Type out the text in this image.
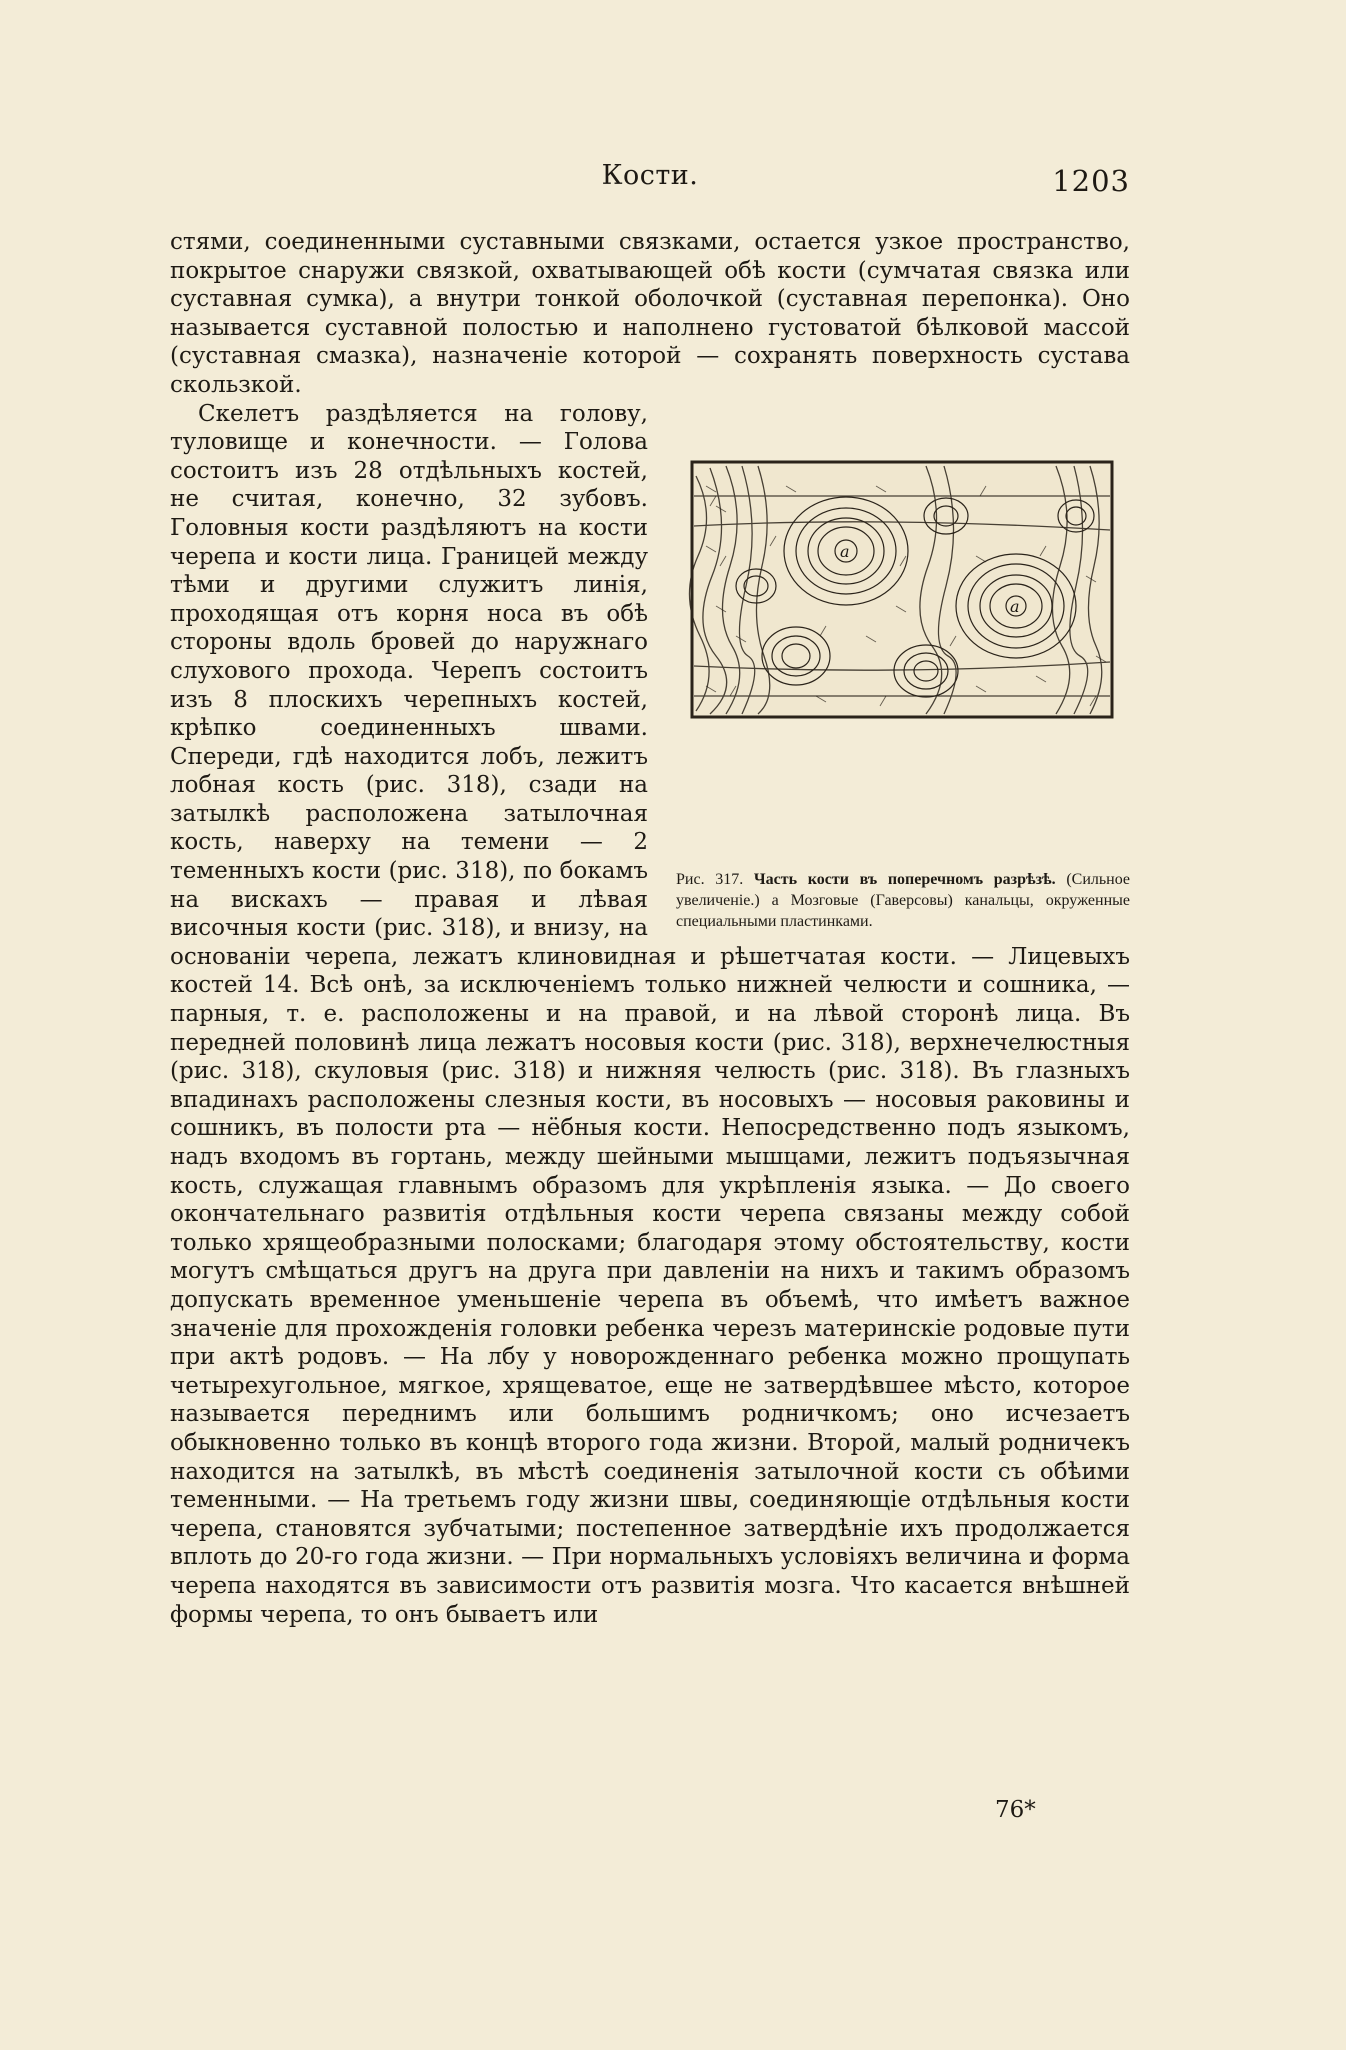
Кости.	1203

стями, соединенными суставными связками, остается узкое пространство, покрытое снаружи связкой, охватывающей обѣ кости (сумчатая связка или суставная сумка), а внутри тонкой оболочкой (суставная перепонка). Оно называется суставной полостью и наполнено густоватой бѣлковой массой (суставная смазка), назначеніе которой — сохранять поверхность сустава скользкой.

a
a
Рис. 317. Часть кости въ поперечномъ разрѣзѣ. (Сильное увеличеніе.) а Мозговые (Гаверсовы) канальцы, окруженные специальными пластинками.

Скелетъ раздѣляется на голову, туловище и конечности. — Голова состоитъ изъ 28 отдѣльныхъ костей, не считая, конечно, 32 зубовъ. Головныя кости раздѣляютъ на кости черепа и кости лица. Границей между тѣми и другими служитъ линія, проходящая отъ корня носа въ обѣ стороны вдоль бровей до наружнаго слухового прохода. Черепъ состоитъ изъ 8 плоскихъ черепныхъ костей, крѣпко соединенныхъ швами. Спереди, гдѣ находится лобъ, лежитъ лобная кость (рис. 318), сзади на затылкѣ расположена затылочная кость, наверху на темени — 2 теменныхъ кости (рис. 318), по бокамъ на вискахъ — правая и лѣвая височныя кости (рис. 318), и внизу, на основаніи черепа, лежатъ клиновидная и рѣшетчатая кости. — Лицевыхъ костей 14. Всѣ онѣ, за исключеніемъ только нижней челюсти и сошника, — парныя, т. е. расположены и на правой, и на лѣвой сторонѣ лица. Въ передней половинѣ лица лежатъ носовыя кости (рис. 318), верхнечелюстныя (рис. 318), скуловыя (рис. 318) и нижняя челюсть (рис. 318). Въ глазныхъ впадинахъ расположены слезныя кости, въ носовыхъ — носовыя раковины и сошникъ, въ полости рта — нёбныя кости. Непосредственно подъ языкомъ, надъ входомъ въ гортань, между шейными мышцами, лежитъ подъязычная кость, служащая главнымъ образомъ для укрѣпленія языка. — До своего окончательнаго развитія отдѣльныя кости черепа связаны между собой только хрящеобразными полосками; благодаря этому обстоятельству, кости могутъ смѣщаться другъ на друга при давленіи на нихъ и такимъ образомъ допускать временное уменьшеніе черепа въ объемѣ, что имѣетъ важное значеніе для прохожденія головки ребенка черезъ материнскіе родовые пути при актѣ родовъ. — На лбу у новорожденнаго ребенка можно прощупать четырехугольное, мягкое, хрящеватое, еще не затвердѣвшее мѣсто, которое называется переднимъ или большимъ родничкомъ; оно исчезаетъ обыкновенно только въ концѣ второго года жизни. Второй, малый родничекъ находится на затылкѣ, въ мѣстѣ соединенія затылочной кости съ обѣими теменными. — На третьемъ году жизни швы, соединяющіе отдѣльныя кости черепа, становятся зубчатыми; постепенное затвердѣніе ихъ продолжается вплоть до 20-го года жизни. — При нормальныхъ условіяхъ величина и форма черепа находятся въ зависимости отъ развитія мозга. Что касается внѣшней формы черепа, то онъ бываетъ или

76*
